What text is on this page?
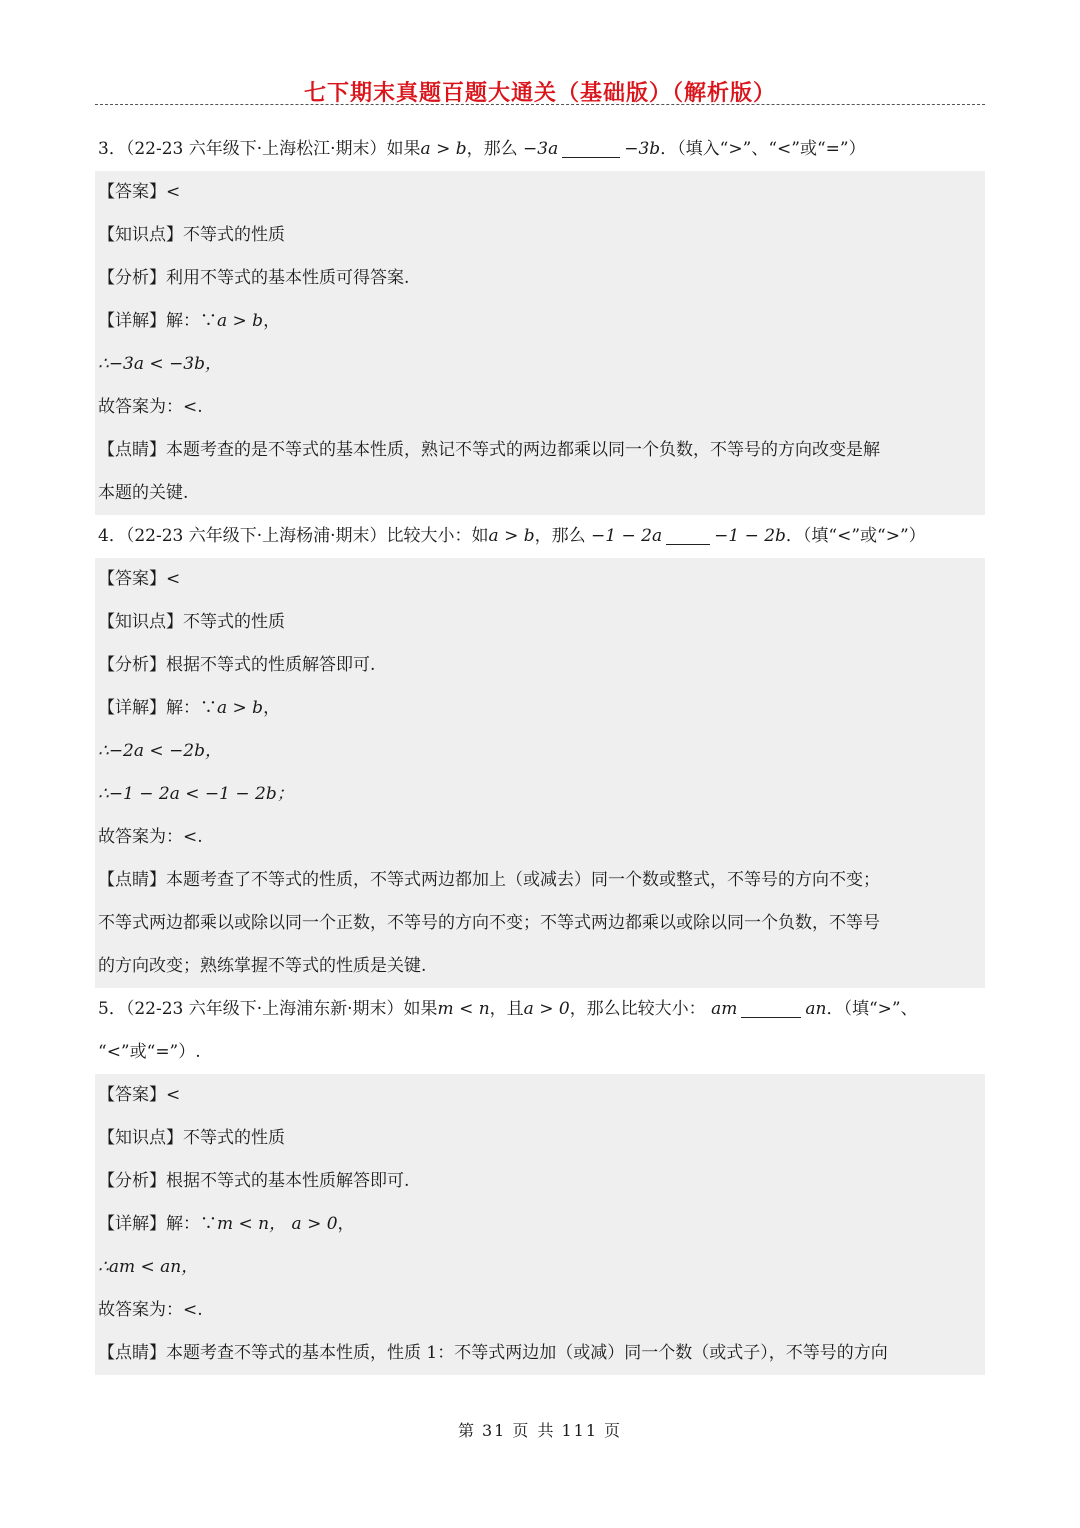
七下期末真题百题大通关（基础版）（解析版）
3．（22-23 六年级下·上海松江·期末）如果a > b，那么 −3a	−3b．（填入“>”、“<”或“=”）
【答案】<
【知识点】不等式的性质
【分析】利用不等式的基本性质可得答案.
【详解】解：∵a > b，
∴−3a < −3b，
故答案为：<.
【点睛】本题考查的是不等式的基本性质，熟记不等式的两边都乘以同一个负数，不等号的方向改变是解
本题的关键.
4．（22-23 六年级下·上海杨浦·期末）比较大小：如a > b，那么 −1 − 2a	−1 − 2b．（填“<”或“>”）
【答案】<
【知识点】不等式的性质
【分析】根据不等式的性质解答即可.
【详解】解：∵a > b，
∴−2a < −2b，
∴−1 − 2a < −1 − 2b；
故答案为：<.
【点睛】本题考查了不等式的性质，不等式两边都加上（或减去）同一个数或整式，不等号的方向不变；
不等式两边都乘以或除以同一个正数，不等号的方向不变；不等式两边都乘以或除以同一个负数，不等号
的方向改变；熟练掌握不等式的性质是关键.
5．（22-23 六年级下·上海浦东新·期末）如果m < n，且a > 0，那么比较大小： am	an．（填“>”、
“<”或“=”）.
【答案】<
【知识点】不等式的性质
【分析】根据不等式的基本性质解答即可.
【详解】解：∵m < n， a > 0，
∴am < an，
故答案为：<.
【点睛】本题考查不等式的基本性质，性质 1：不等式两边加（或减）同一个数（或式子），不等号的方向
第 31 页 共 111 页
